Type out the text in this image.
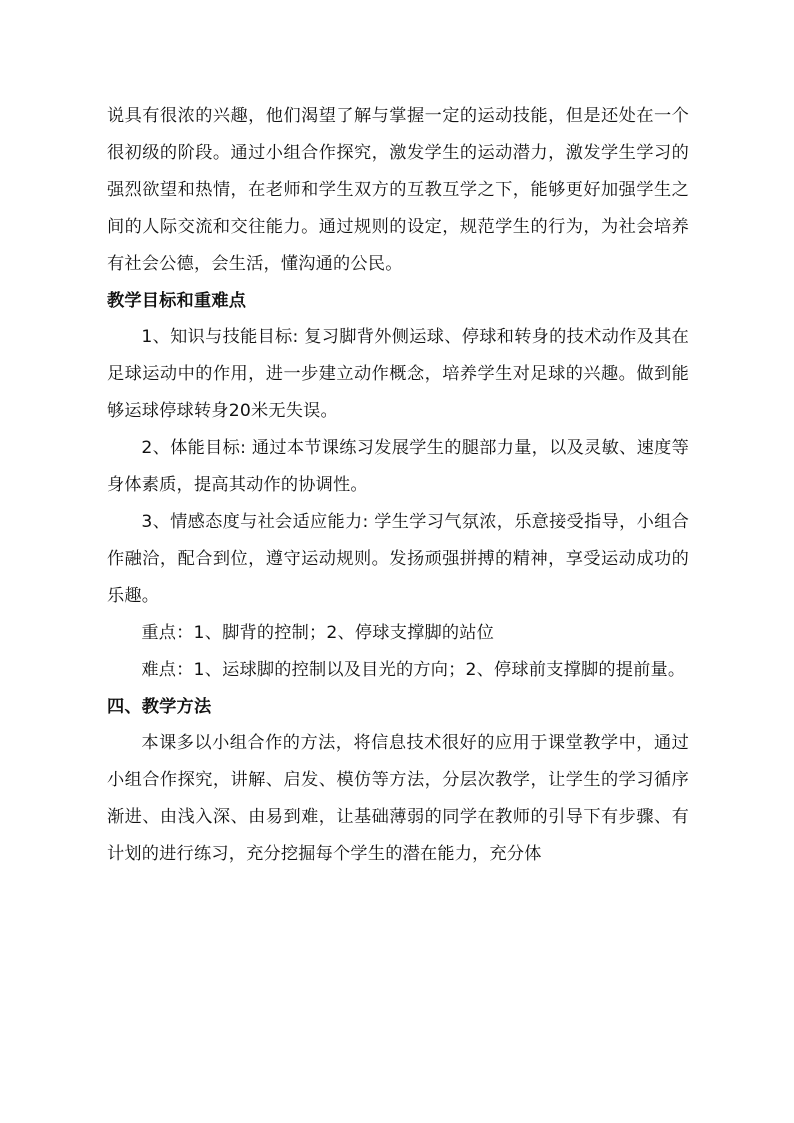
说具有很浓的兴趣，他们渴望了解与掌握一定的运动技能，但是还处在一个很初级的阶段。通过小组合作探究，激发学生的运动潜力，激发学生学习的强烈欲望和热情，在老师和学生双方的互教互学之下，能够更好加强学生之间的人际交流和交往能力。通过规则的设定，规范学生的行为，为社会培养有社会公德，会生活，懂沟通的公民。

教学目标和重难点

1、知识与技能目标: 复习脚背外侧运球、停球和转身的技术动作及其在足球运动中的作用，进一步建立动作概念，培养学生对足球的兴趣。做到能够运球停球转身20米无失误。

2、体能目标: 通过本节课练习发展学生的腿部力量，以及灵敏、速度等身体素质，提高其动作的协调性。

3、情感态度与社会适应能力: 学生学习气氛浓，乐意接受指导，小组合作融洽，配合到位，遵守运动规则。发扬顽强拼搏的精神，享受运动成功的乐趣。

重点：1、脚背的控制；2、停球支撑脚的站位

难点：1、运球脚的控制以及目光的方向；2、停球前支撑脚的提前量。

四、教学方法

本课多以小组合作的方法，将信息技术很好的应用于课堂教学中，通过小组合作探究，讲解、启发、模仿等方法，分层次教学，让学生的学习循序渐进、由浅入深、由易到难，让基础薄弱的同学在教师的引导下有步骤、有计划的进行练习，充分挖掘每个学生的潜在能力，充分体
